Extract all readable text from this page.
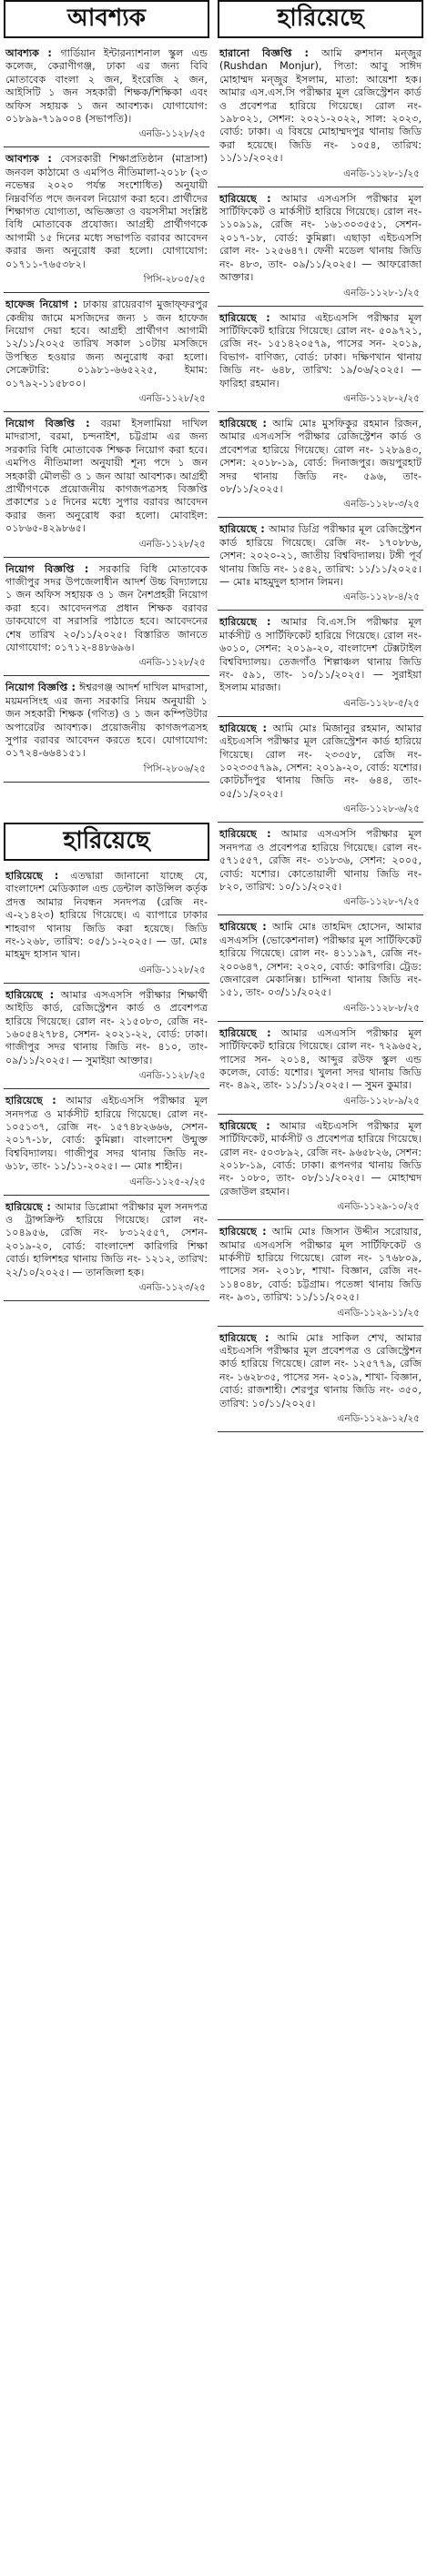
আবশ্যক
আবশ্যক : গার্ডিয়ান ইন্টারন্যাশনাল স্কুল এন্ড কলেজ, কেরাণীগঞ্জ, ঢাকা এর জন্য বিবি মোতাবেক বাংলা ২ জন, ইংরেজি ২ জন, আইসিটি ১ জন সহকারী শিক্ষক/শিক্ষিকা এবং অফিস সহায়ক ১ জন আবশ্যক। যোগাযোগ: ০১৮৯৯-৭১৯০০৪ (সভাপতি)।
এনডি-১১২৮/২৫
আবশ্যক : বেসরকারী শিক্ষাপ্রতিষ্ঠান (মাদ্রাসা) জনবল কাঠামো ও এমপিও নীতিমালা-২০১৮ (২৩ নভেম্বর ২০২০ পর্যন্ত সংশোধিত) অনুযায়ী নিম্নবর্ণিত পদে জনবল নিয়োগ করা হবে। প্রার্থীদের শিক্ষাগত যোগ্যতা, অভিজ্ঞতা ও বয়সসীমা সংশ্লিষ্ট বিধি মোতাবেক প্রযোজ্য। আগ্রহী প্রার্থীগণকে আগামী ১৫ দিনের মধ্যে সভাপতি বরাবর আবেদন করার জন্য অনুরোধ করা হলো। যোগাযোগ: ০১৭১১-৭৬৫৩৮২।
পিসি-২৮০৫/২৫
হাফেজ নিয়োগ : ঢাকায় রায়েরবাগ মুজাফ্ফরপুর কেন্দ্রীয় জামে মসজিদের জন্য ১ জন হাফেজ নিয়োগ দেয়া হবে। আগ্রহী প্রার্থীগণ আগামী ১২/১১/২০২৫ তারিখ সকাল ১০টায় মসজিদে উপস্থিত হওয়ার জন্য অনুরোধ করা হলো। সেক্রেটারি: ০১৯৮১-৬৬৫২২৫, ইমাম: ০১৭৯২-১১৫৮০০।
এনডি-১১২৮/২৫
নিয়োগ বিজ্ঞপ্তি : বরমা ইসলামিয়া দাখিল মাদরাসা, বরমা, চন্দনাইশ, চট্টগ্রাম এর জন্য সরকারি বিধি মোতাবেক শিক্ষক নিয়োগ করা হবে। এমপিও নীতিমালা অনুযায়ী শূন্য পদে ১ জন সহকারী মৌলভী ও ১ জন আয়া আবশ্যক। আগ্রহী প্রার্থীগণকে প্রয়োজনীয় কাগজপত্রসহ বিজ্ঞপ্তি প্রকাশের ১৫ দিনের মধ্যে সুপার বরাবর আবেদন করার জন্য অনুরোধ করা হলো। মোবাইল: ০১৮৬৫-৪২৯৮৬৫।
এনডি-১১২৮/২৫
নিয়োগ বিজ্ঞপ্তি : সরকারি বিধি মোতাবেক গাজীপুর সদর উপজেলাধীন আদর্শ উচ্চ বিদ্যালয়ে ১ জন অফিস সহায়ক ও ১ জন নৈশপ্রহরী নিয়োগ করা হবে। আবেদনপত্র প্রধান শিক্ষক বরাবর ডাকযোগে বা সরাসরি পাঠাতে হবে। আবেদনের শেষ তারিখ ২০/১১/২০২৫। বিস্তারিত জানতে যোগাযোগ: ০১৭১২-৪৪৮৬৯৬।
এনডি-১১২৮/২৫
নিয়োগ বিজ্ঞপ্তি : ঈশ্বরগঞ্জ আদর্শ দাখিল মাদরাসা, ময়মনসিংহ এর জন্য সরকারি নিয়ম অনুযায়ী ১ জন সহকারী শিক্ষক (গণিত) ও ১ জন কম্পিউটার অপারেটর আবশ্যক। প্রয়োজনীয় কাগজপত্রসহ সুপার বরাবর আবেদন করতে হবে। যোগাযোগ: ০১৭২৪-৬৬৪১৫১।
পিসি-২৮০৬/২৫
হারিয়েছে
হারিয়েছে : এতদ্বারা জানানো যাচ্ছে যে, বাংলাদেশ মেডিক্যাল এন্ড ডেন্টাল কাউন্সিল কর্তৃক প্রদত্ত আমার নিবন্ধন সনদপত্র (রেজি নং- এ-২১৪২৩) হারিয়ে গিয়েছে। এ ব্যাপারে ঢাকার শাহবাগ থানায় জিডি করা হয়েছে। জিডি নং-১২৬৮, তারিখ: ০৫/১১-২০২৫। — ডা. মোঃ মাহমুদ হাসান খান।
এনডি-১১২৮/২৫
হারিয়েছে : আমার এসএসসি পরীক্ষার শিক্ষার্থী আইডি কার্ড, রেজিস্ট্রেশন কার্ড ও প্রবেশপত্র হারিয়ে গিয়েছে। রোল নং- ২১৫০৮৩, রেজি নং- ১৬০৫৪২৭৮৪, সেশন- ২০২১-২২, বোর্ড: ঢাকা। গাজীপুর সদর থানায় জিডি নং- ৪১০, তাং- ০৯/১১/২০২৫। — সুমাইয়া আক্তার।
এনডি-১১২৮/২৫
হারিয়েছে : আমার এইচএসসি পরীক্ষার মূল সনদপত্র ও মার্কসীট হারিয়ে গিয়েছে। রোল নং- ১০৫১৩৭, রেজি নং- ১৫৭৪৮২৬৬৬, সেশন- ২০১৭-১৮, বোর্ড: কুমিল্লা। বাংলাদেশ উন্মুক্ত বিশ্ববিদ্যালয়। গাজীপুর সদর থানায় জিডি নং- ৬১৮, তাং- ১১/১১-২০২৫। — মোঃ শাহীন।
এনডি-১১২৫-২/২৫
হারিয়েছে : আমার ডিপ্লোমা পরীক্ষার মূল সনদপত্র ও ট্রান্সক্রিপ্ট হারিয়ে গিয়েছে। রোল নং- ১০৪৯৫৬, রেজি নং- ৮৩১২৫৫৭, সেশন- ২০১৯-২০, বোর্ড: বাংলাদেশ কারিগরি শিক্ষা বোর্ড। হালিশহর থানায় জিডি নং- ১২১২, তারিখ: ২২/১০/২০২৫। — তানজিলা হক।
এনডি-১১২৩/২৫
হারিয়েছে
হারানো বিজ্ঞপ্তি : আমি রুশদান মন্জুর (Rushdan Monjur), পিতা: আবু সাঈদ মোহাম্মদ মন্জুর ইসলাম, মাতা: আয়েশা হক। আমার এস.এস.সি পরীক্ষার মূল রেজিস্ট্রেশন কার্ড ও প্রবেশপত্র হারিয়ে গিয়েছে। রোল নং- ১৯৮০২১, সেশন: ২০২১-২০২২, সাল: ২০২৩, বোর্ড: ঢাকা। এ বিষয়ে মোহাম্মদপুর থানায় জিডি করা হয়েছে। জিডি নং- ১০৫৪, তারিখ: ১১/১১/২০২৫।
এনডি-১১২৮-১/২৫
হারিয়েছে : আমার এসএসসি পরীক্ষার মূল সার্টিফিকেট ও মার্কসীট হারিয়ে গিয়েছে। রোল নং- ১১০৯১৯, রেজি নং- ১৬১৩০৩৫৫১, সেশন- ২০১৭-১৮, বোর্ড: কুমিল্লা। এছাড়া এইচএসসি রোল নং- ১২৫৬৪৭। ফেনী মডেল থানায় জিডি নং- ৪৮৩, তাং- ০৯/১১/২০২৫। — আফরোজা আক্তার।
এনডি-১১২৮-১/২৫
হারিয়েছে : আমার এইচএসসি পরীক্ষার মূল সার্টিফিকেট হারিয়ে গিয়েছে। রোল নং- ৫০৯৭২১, রেজি নং- ১৫১৪২০৫৭৯, পাসের সন- ২০১৯, বিভাগ- বাণিজ্য, বোর্ড: ঢাকা। দক্ষিণখান থানায় জিডি নং- ৬৪৮, তারিখ: ১৯/০৬/২০২৫। — ফারিহা রহমান।
এনডি-১১২৮-২/২৫
হারিয়েছে : আমি মোঃ মুসফিকুর রহমান রিজন, আমার এসএসসি পরীক্ষার রেজিস্ট্রেশন কার্ড ও প্রবেশপত্র হারিয়ে গিয়েছে। রোল নং- ১২৮৯৪৩, সেশন: ২০১৮-১৯, বোর্ড: দিনাজপুর। জয়পুরহাট সদর থানায় জিডি নং- ৫৯৬, তাং- ০৮/১১/২০২৫।
এনডি-১১২৮-৩/২৫
হারিয়েছে : আমার ডিগ্রি পরীক্ষার মূল রেজিস্ট্রেশন কার্ড হারিয়ে গিয়েছে। রেজি নং- ১৭০৮৮৬, সেশন: ২০২০-২১, জাতীয় বিশ্ববিদ্যালয়। টঙ্গী পূর্ব থানায় জিডি নং- ১৫৪২, তারিখ: ১১/১১/২০২৫। — মোঃ মাহমুদুল হাসান লিমন।
এনডি-১১২৮-৪/২৫
হারিয়েছে : আমার বি.এস.সি পরীক্ষার মূল মার্কসীট ও সার্টিফিকেট হারিয়ে গিয়েছে। রোল নং- ৬০১০, সেশন: ২০১৯-২০, বাংলাদেশ টেক্সটাইল বিশ্ববিদ্যালয়। তেজগাঁও শিল্পাঞ্চল থানায় জিডি নং- ৫৯১, তাং- ১০/১১/২০২৫। — সুরাইয়া ইসলাম মারজা।
এনডি-১১২৮-৫/২৫
হারিয়েছে : আমি মোঃ মিজানুর রহমান, আমার এইচএসসি পরীক্ষার মূল রেজিস্ট্রেশন কার্ড হারিয়ে গিয়েছে। রোল নং- ২৩৩৫৮, রেজি নং- ১০২৩৩৫৭৯৯, সেশন: ২০১৯-২০, বোর্ড: যশোর। কোটচাঁদপুর থানায় জিডি নং- ৬৪৪, তাং- ০৫/১১/২০২৫।
এনডি-১১২৮-৬/২৫
হারিয়েছে : আমার এসএসসি পরীক্ষার মূল সনদপত্র ও প্রবেশপত্র হারিয়ে গিয়েছে। রোল নং- ৫৭১৫৫৭, রেজি নং- ৩১৮৩৬, সেশন: ২০০৫, বোর্ড: যশোর। কোতোয়ালী থানায় জিডি নং- ৮২০, তারিখ: ১০/১১/২০২৫।
এনডি-১১২৮-৭/২৫
হারিয়েছে : আমি মোঃ তাহমিদ হোসেন, আমার এসএসসি (ভোকেশনাল) পরীক্ষার মূল সার্টিফিকেট হারিয়ে গিয়েছে। রোল নং- ৪১১১৯৭, রেজি নং- ২০০৬৪৭, সেশন: ২০২০, বোর্ড: কারিগরি। ট্রেড: জেনারেল মেকানিক্স। চান্দিনা থানায় জিডি নং- ১৫১, তাং- ০৩/১১/২০২৫।
এনডি-১১২৮-৮/২৫
হারিয়েছে : আমার এসএসসি পরীক্ষার মূল সার্টিফিকেট হারিয়ে গিয়েছে। রোল নং- ৭২৯৬৫২, পাসের সন- ২০১৪, আব্দুর রউফ স্কুল এন্ড কলেজ, বোর্ড: যশোর। খুলনা সদর থানায় জিডি নং- ৪৯২, তাং- ১১/১১/২০২৫। — সুমন কুমার।
এনডি-১১২৮-৯/২৫
হারিয়েছে : আমার এইচএসসি পরীক্ষার মূল সার্টিফিকেট, মার্কসীট ও প্রবেশপত্র হারিয়ে গিয়েছে। রোল নং- ৫০৩৮৯২, রেজি নং- ৯৬৫৮২৬, সেশন: ২০১৮-১৯, বোর্ড: ঢাকা। রূপনগর থানায় জিডি নং- ১০৮০, তাং- ০৮/১১/২০২৫। — মোহাম্মদ রেজাউল রহমান।
এনডি-১১২৯-১০/২৫
হারিয়েছে : আমি মোঃ জিসান উদ্দীন সরোয়ার, আমার এসএসসি পরীক্ষার মূল সার্টিফিকেট ও মার্কসীট হারিয়ে গিয়েছে। রোল নং- ১৭৬৮০৯, পাসের সন- ২০১৮, শাখা- বিজ্ঞান, রেজি নং- ১১৪০৪৮, বোর্ড: চট্টগ্রাম। পতেঙ্গা থানায় জিডি নং- ৯৩১, তারিখ: ১১/১১/২০২৫।
এনডি-১১২৯-১১/২৫
হারিয়েছে : আমি মোঃ সাকিল শেখ, আমার এইচএসসি পরীক্ষার মূল প্রবেশপত্র ও রেজিস্ট্রেশন কার্ড হারিয়ে গিয়েছে। রোল নং- ১২৫৭৭৯, রেজি নং- ১৬২৮৩৫, পাসের সন- ২০১৯, শাখা- বিজ্ঞান, বোর্ড: রাজশাহী। শেরপুর থানায় জিডি নং- ৩৫০, তারিখ: ১০/১১/২০২৫।
এনডি-১১২৯-১২/২৫
